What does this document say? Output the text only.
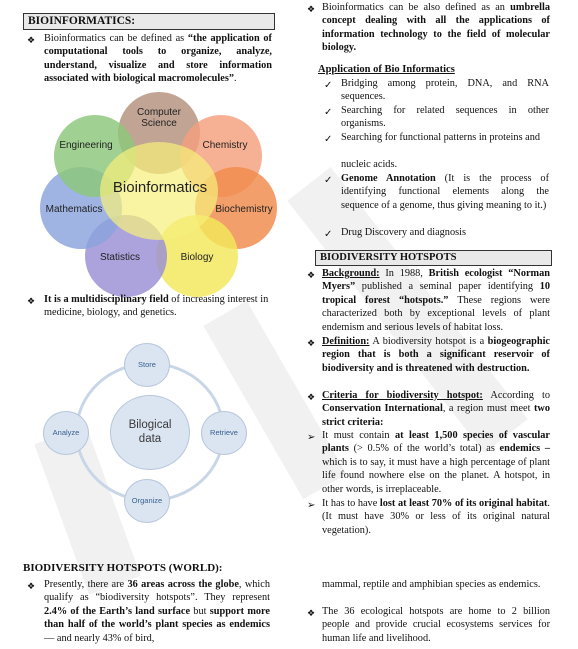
BIOINFORMATICS:
❖ Bioinformatics can be defined as “the application of computational tools to organize, analyze, understand, visualize and store information associated with biological macromolecules”.
Computer Science
Chemistry
Biochemistry
Biology
Statistics
Mathematics
Engineering
Bioinformatics
❖ It is a multidisciplinary field of increasing interest in medicine, biology, and genetics.
Bilogical
data
Store
Retrieve
Organize
Analyze
BIODIVERSITY HOTSPOTS (WORLD):
❖ Presently, there are 36 areas across the globe, which qualify as “biodiversity hotspots”. They represent 2.4% of the Earth’s land surface but support more than half of the world’s plant species as endemics — and nearly 43% of bird,
❖ Bioinformatics can be also defined as an umbrella concept dealing with all the applications of information technology to the field of molecular biology.
Application of Bio Informatics
✓ Bridging among protein, DNA, and RNA sequences.
✓ Searching for related sequences in other organisms.
✓ Searching for functional patterns in proteins and
nucleic acids.
✓ Genome Annotation (It is the process of identifying functional elements along the sequence of a genome, thus giving meaning to it.)
✓ Drug Discovery and diagnosis
BIODIVERSITY HOTSPOTS
❖ Background: In 1988, British ecologist “Norman Myers” published a seminal paper identifying 10 tropical forest “hotspots.” These regions were characterized both by exceptional levels of plant endemism and serious levels of habitat loss.
❖ Definition: A biodiversity hotspot is a biogeographic region that is both a significant reservoir of biodiversity and is threatened with destruction.
❖ Criteria for biodiversity hotspot: According to Conservation International, a region must meet two strict criteria:
➢ It must contain at least 1,500 species of vascular plants (> 0.5% of the world’s total) as endemics – which is to say, it must have a high percentage of plant life found nowhere else on the planet. A hotspot, in other words, is irreplaceable.
➢ It has to have lost at least 70% of its original habitat. (It must have 30% or less of its original natural vegetation).
mammal, reptile and amphibian species as endemics.
❖ The 36 ecological hotspots are home to 2 billion people and provide crucial ecosystems services for human life and livelihood.
